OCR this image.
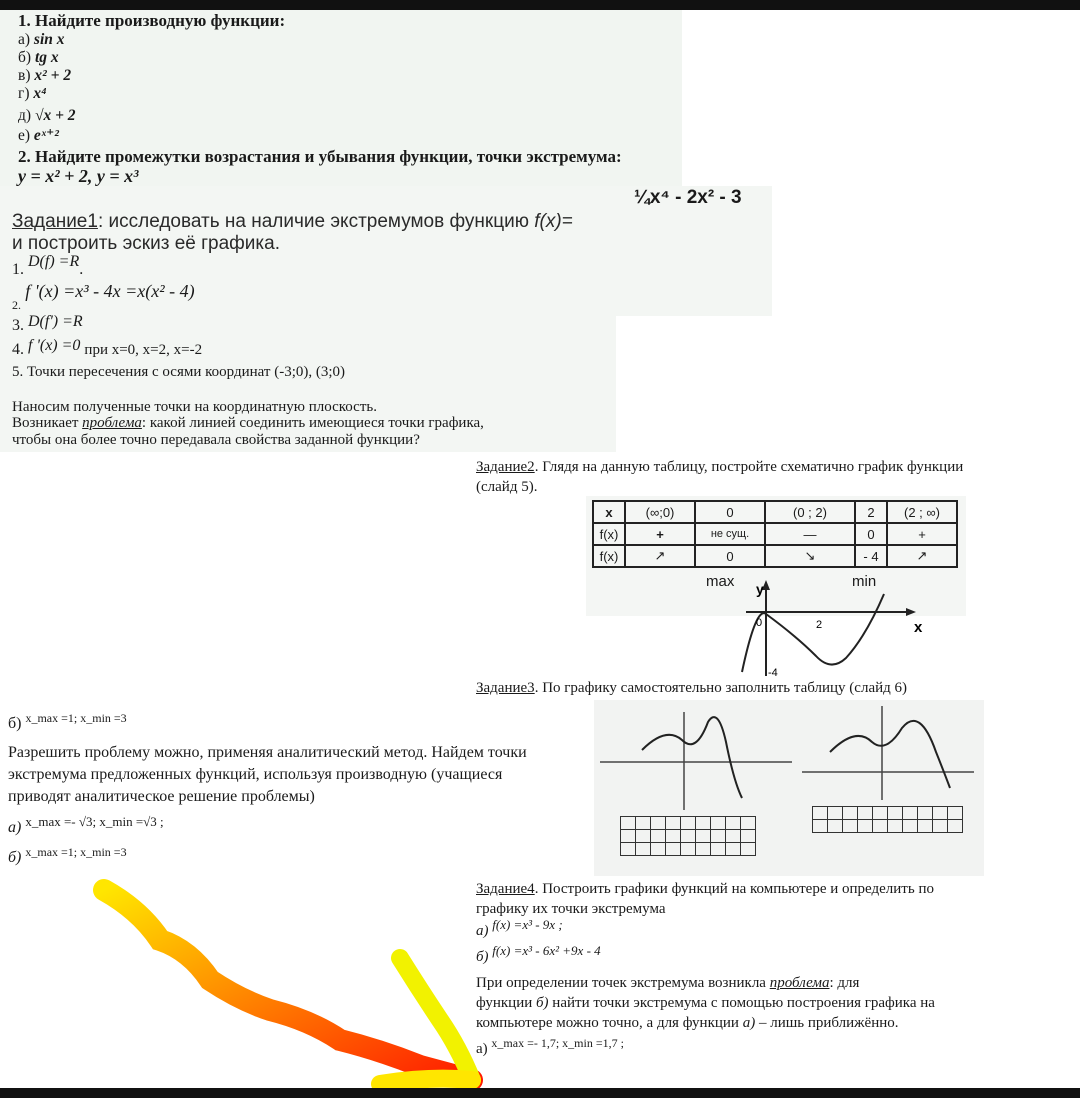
1. Найдите производную функции:
а) sin x
б) tg x
в) x² + 2
г) x⁴
д) √x + 2
е) eˣ⁺²
2. Найдите промежутки возрастания и убывания функции, точки экстремума:
y = x² + 2, y = x³
Задание1: исследовать на наличие экстремумов функцию f(x)=
¼x⁴ - 2x² - 3
и построить эскиз её графика.
1. D(f) =R.
$_{2.}$ f '(x) =x³ - 4x =x(x² - 4)
3. D(f') =R
4. f '(x) =0 при x=0, x=2, x=-2
5. Точки пересечения с осями координат (-3;0), (3;0)
Наносим полученные точки на координатную плоскость.
Возникает проблема: какой линией соединить имеющиеся точки графика,
чтобы она более точно передавала свойства заданной функции?
Задание2. Глядя на данную таблицу, постройте схематично график функции
(слайд 5).
x	(∞;0)	0	(0 ; 2)	2	(2 ; ∞)
f(x)	+	не сущ.	—	0	+
f(x)	↗	0	↘	- 4	↗
max	min
y
x
0	2
-4
Задание3. По графику самостоятельно заполнить таблицу (слайд 6)

б) $^{x\_max =1; x\_min =3}$
Разрешить проблему можно, применяя аналитический метод. Найдем точки
экстремума предложенных функций, используя производную (учащиеся
приводят аналитическое решение проблемы)
а) $^{x\_max =- √3; x\_min =√3 ;}$
б) $^{x\_max =1; x\_min =3}$
Задание4. Построить графики функций на компьютере и определить по
графику их точки экстремума
а) f(x) =x³ - 9x ;
б) f(x) =x³ - 6x² +9x - 4
При определении точек экстремума возникла проблема: для
функции б) найти точки экстремума с помощью построения графика на
компьютере можно точно, а для функции а) – лишь приближённо.
а) $^{x\_max =- 1,7; x\_min =1,7 ;}$
